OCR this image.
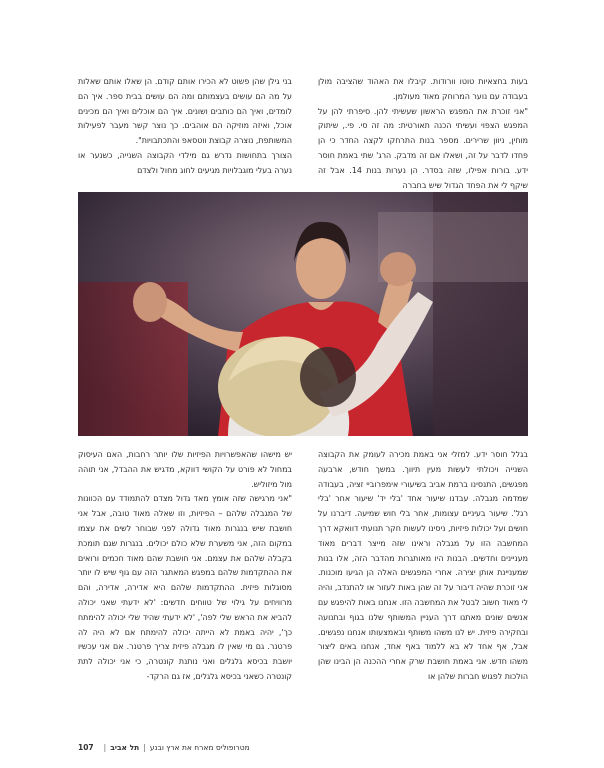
בעות בחצאיות טוטו וורודות. קיבלו את האהוד שהציבה מולן בעבודה עם נוער המרוחק מאוד מעולמן.

"אני זוכרת את המפגש הראשון שעשיתי להן. סיפרתי להן על המפגש הצפוי ועשיתי הכנה תאורטית: מה זה סי. פי., שיתוק מוחין, ניוון שרירים. מספר בנות התרחקו לקצה החדר כי הן פחדו לדבר על זה, ושאלו אם זה מדבק. הרג' שתי באמת חוסר ידע. בורות אפילו, שזה בסדר. הן נערות בנות 14. אבל זה שיקף לי את הפחד הגדול שיש בחברה

בני גילן שהן פשוט לא הכירו אותם קודם. הן שאלו אותם שאלות על מה הם עושים בעצמותם ומה הם עושים בבית ספר. איך הם לומדים, ואיך הם כותבים ושונים. איך הם אוכלים ואיך הם מכינים אוכל, ואיזה מוזיקה הם אוהבים. כך נוצר קשר מעבר לפעילות המשותפת, נוצרה קבוצת ווטסאפ והתכתבויות".

הצורך בתחושות נדרש גם מילדי הקבוצה השנייה, כשנער או נערה בעלי מוגבלויות מגיעים לחוג מחול ולצדם

בגלל חוסר ידע. למזלי אני באמת מכירה לעומק את הקבוצה השנייה ויכולתי לעשות מעין תיווך. במשך חודש, ארבעה מפגשים, התנסינו ברמת אביב בשיעורי אימפרוביי זציה, בעבודה שמדמה מגבלה. עבדנו שיעור אחד 'בלי יד' שיעור אחר 'בלי רגל'. שיעור בעיניים עצומות, אחר בלי חוש שמיעה. דיברנו על חושים ועל יכולות פיזיות, ניסינו לעשות חקר תנועתי דוואקא דרך המחשבה הזו על מגבלה וראינו שזה מייצר דברים מאוד מעניינים וחדשים. הבנות היו מאותגרות מהדבר הזה, אלו בנות שמעניינת אותן יצירה. אחרי המפגשים האלה הן הגיעו מוכנות. אני זוכרת שהיה דיבור על זה שהן באות לעזור או להתנדב, והיה לי מאוד חשוב לבטל את המחשבה הזו. אנחנו באות להיפגש עם אנשים שונים מאתנו דרך העניין המשותף שלנו בגוף ובתנועה ובחקירה פיזית. יש לנו משהו משותף ובאמצעותו אנחנו נפגשים. אבל, אף אחד לא בא ללמוד באף אחד, אנחנו באים ליצור משהו חדש. אני באמת חושבת שרק אחרי ההכנה הן הבינו שהן הולכות לפגוש חברות שלהן או

יש מישהו שהאפשרויות הפיזיות שלו יותר רחבות, האם העיסוק במחול לא פורט על הקושי דווקא, מדגיש את ההבדל, אני תוהה מול מיזוליש.

"אני מרגישה שזה אומץ מאד גדול מצדם להתמודד עם הכוונות של המגבלה שלהם – הפיזיות, וזו שאלה מאוד טובה, אבל אני חושבת שיש בנגרות מאוד גדולה לפני שבוחר לשים את עצמו במקום הזה, אני משערת שלא כולם יכולים. בנגרות שגם תומכת בקבלה שלהם את עצמם. אני חושבת שהם מאוד חכמים ורואים את ההתקדמות שלהם במפגש המאתגר הזה עם גוף שיש לו יותר מסוגלות פיזית. ההתקדמות שלהם היא אדירה, אדירה, והם מרוויחים על גילוי של טווחים חדשים: 'לא ידעתי שאני יכולה להביא את הראש שלי לפה', 'לא ידעתי שהיד שלי יכולה להימתח כך', יהיה באמת לא הייתה יכולה להימתח אם לא היה לה פרטנר. גם מי שאין לו מגבלה פיזית צריך פרטנר. אם אני עכשיו יושבת בכיסא גלגלים ואני נותנת קונטרה, כי אני יכולה לתת קונטרה כשאני בכיסא גלגלים, אז גם הרקד-

107 | תל אביב | מטרופוליס מארח את ארץ ובנע
